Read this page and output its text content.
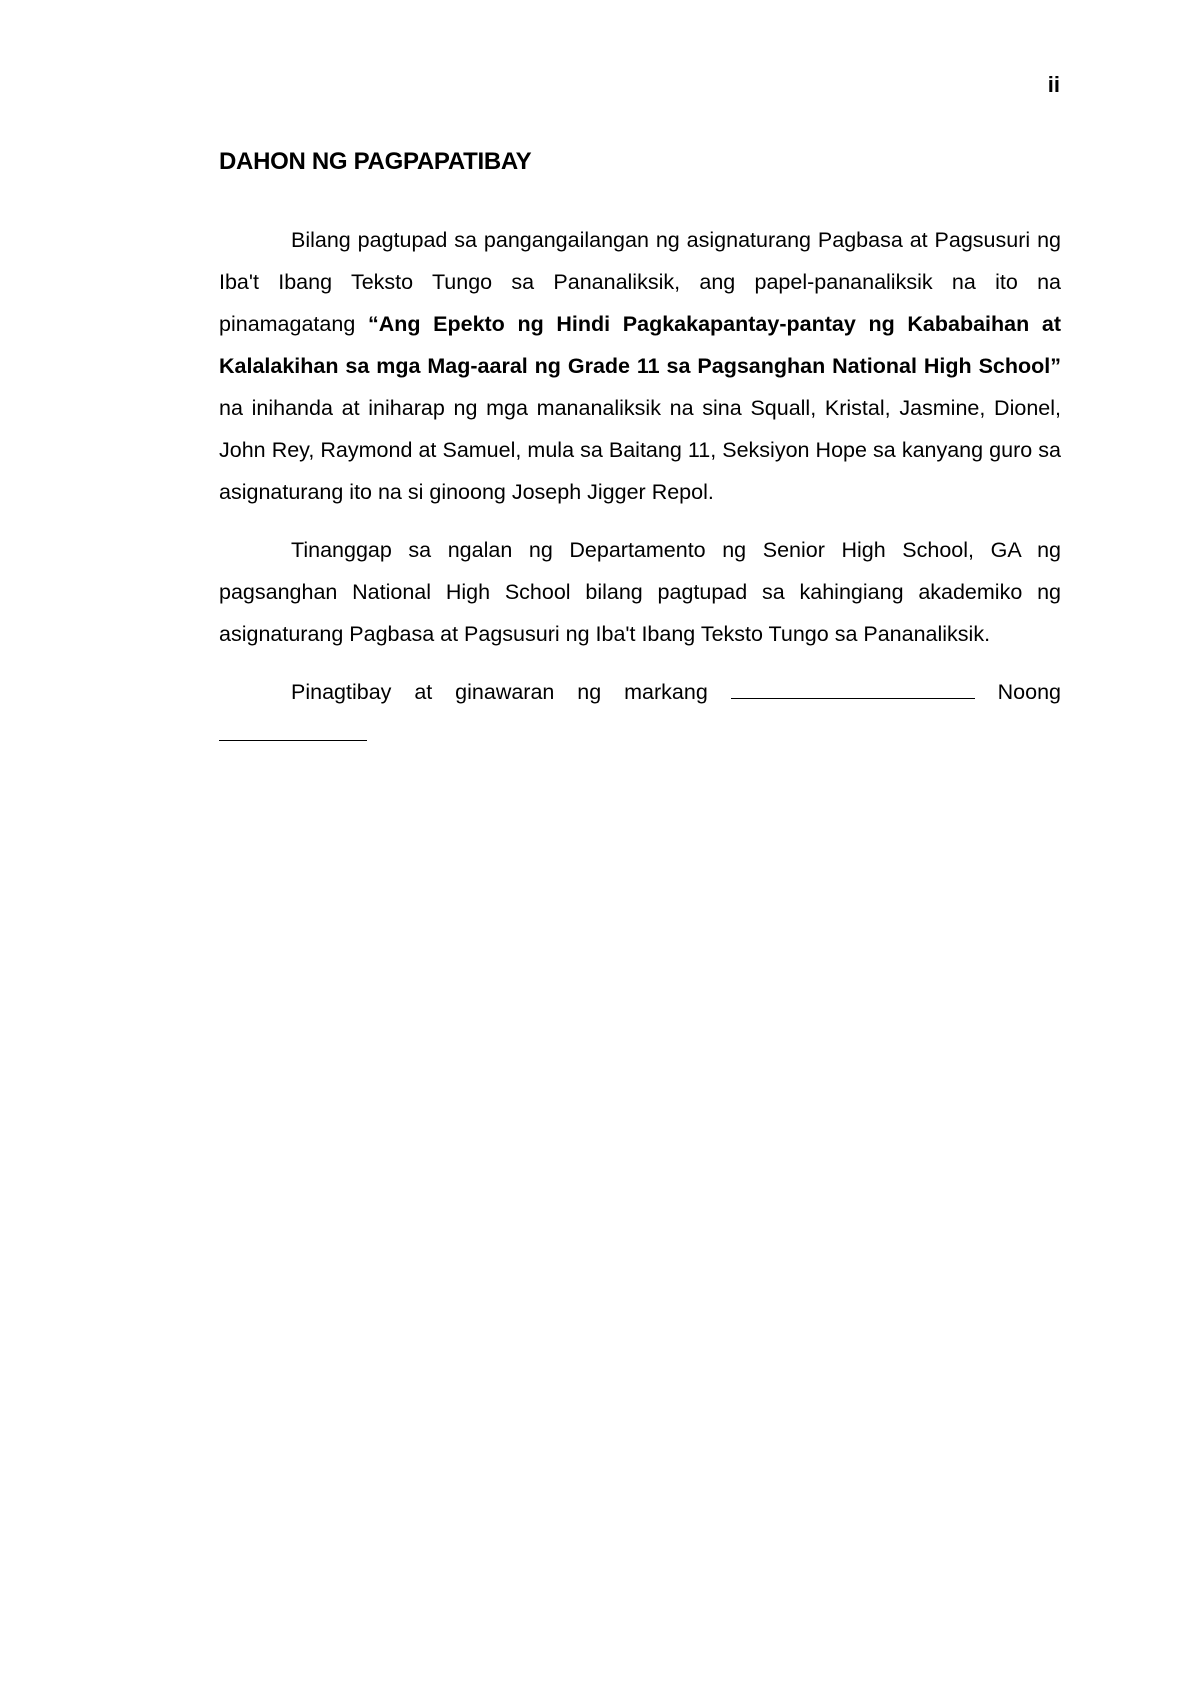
ii
DAHON NG PAGPAPATIBAY

Bilang pagtupad sa pangangailangan ng asignaturang Pagbasa at Pagsusuri ng Iba't Ibang Teksto Tungo sa Pananaliksik, ang papel-pananaliksik na ito na pinamagatang “Ang Epekto ng Hindi Pagkakapantay-pantay ng Kababaihan at Kalalakihan sa mga Mag-aaral ng Grade 11 sa Pagsanghan National High School” na inihanda at iniharap ng mga mananaliksik na sina Squall, Kristal, Jasmine, Dionel, John Rey, Raymond at Samuel, mula sa Baitang 11, Seksiyon Hope sa kanyang guro sa asignaturang ito na si ginoong Joseph Jigger Repol.

Tinanggap sa ngalan ng Departamento ng Senior High School, GA ng pagsanghan National High School bilang pagtupad sa kahingiang akademiko ng asignaturang Pagbasa at Pagsusuri ng Iba't Ibang Teksto Tungo sa Pananaliksik.

Pinagtibay at ginawaran ng markang	Noong
